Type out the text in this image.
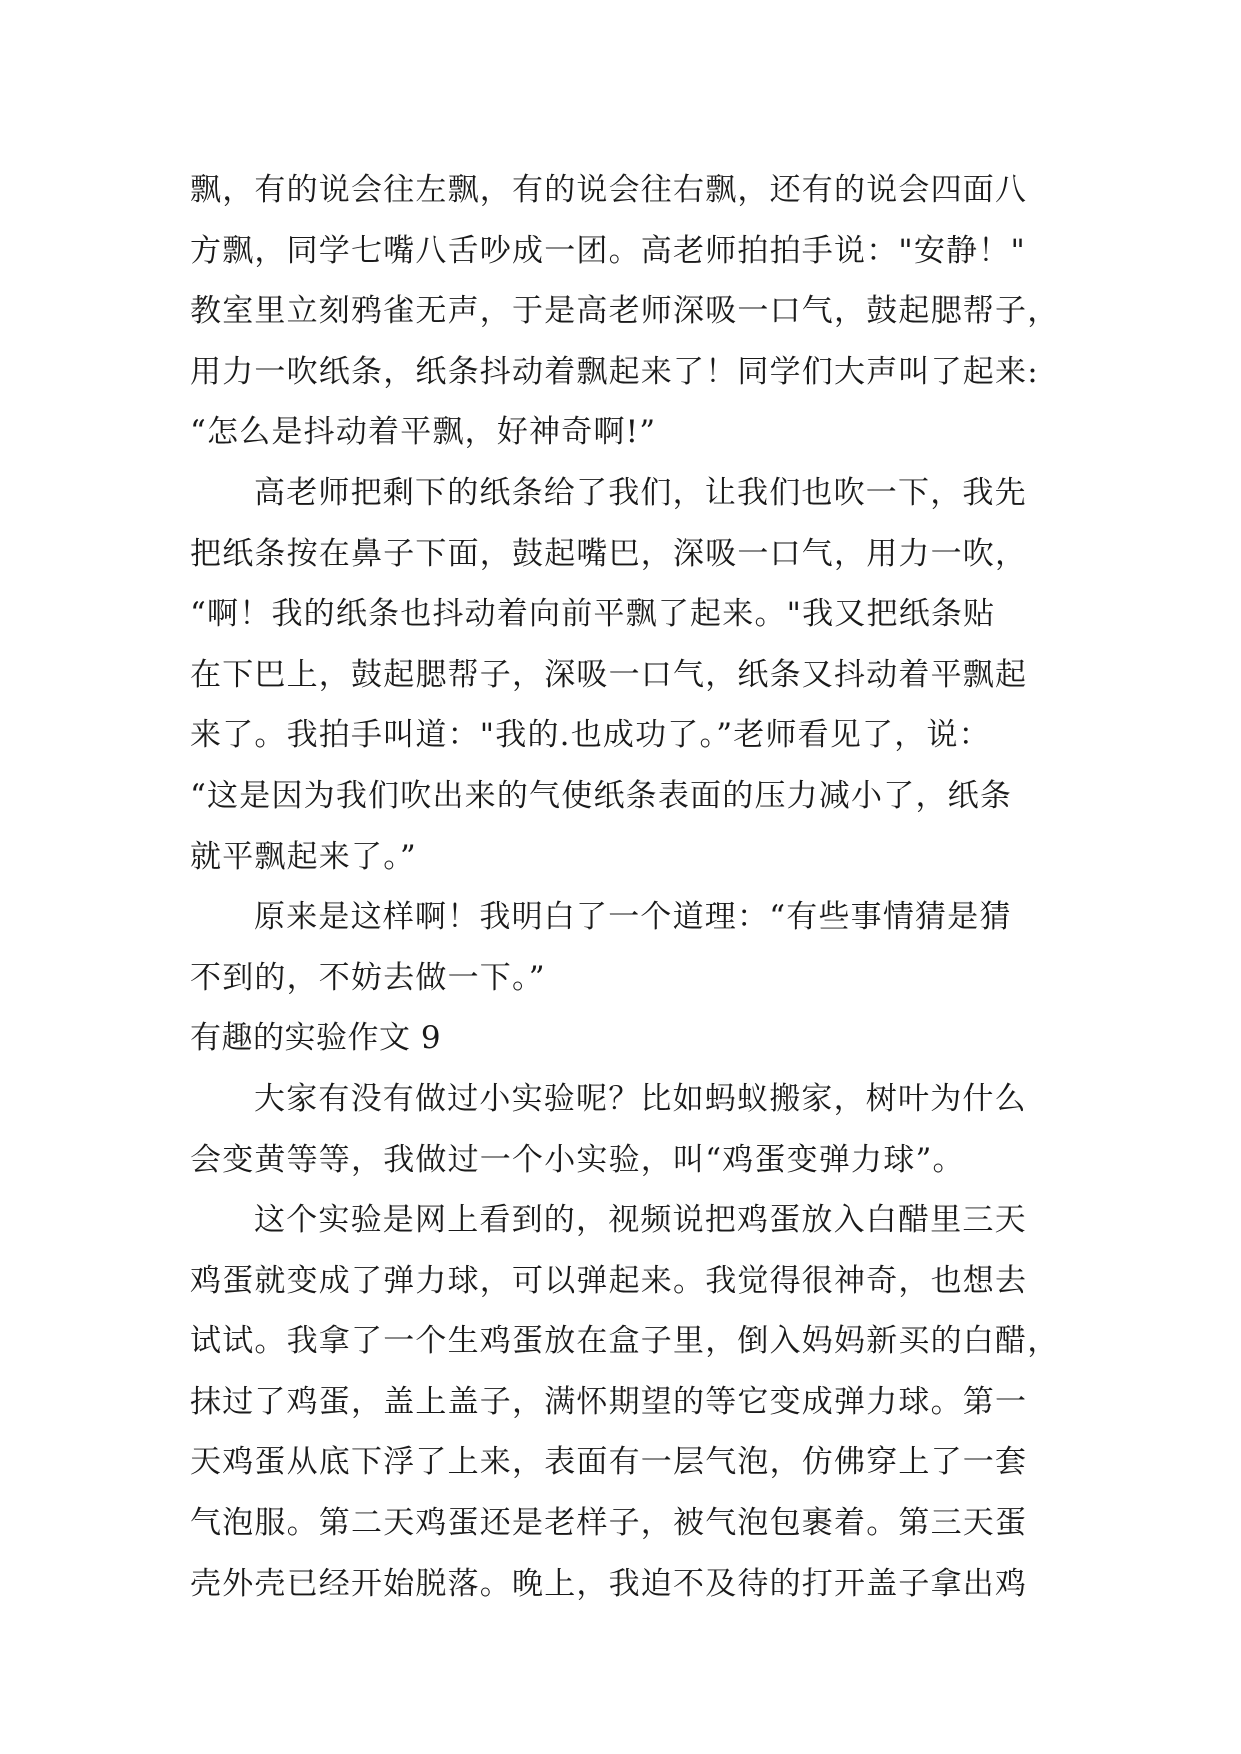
飘，有的说会往左飘，有的说会往右飘，还有的说会四面八
方飘，同学七嘴八舌吵成一团。高老师拍拍手说："安静！"
教室里立刻鸦雀无声，于是高老师深吸一口气，鼓起腮帮子，
用力一吹纸条，纸条抖动着飘起来了！同学们大声叫了起来:
“怎么是抖动着平飘，好神奇啊!”
高老师把剩下的纸条给了我们，让我们也吹一下，我先
把纸条按在鼻子下面，鼓起嘴巴，深吸一口气，用力一吹，
“啊！我的纸条也抖动着向前平飘了起来。"我又把纸条贴
在下巴上，鼓起腮帮子，深吸一口气，纸条又抖动着平飘起
来了。我拍手叫道："我的.也成功了。”老师看见了，说：
“这是因为我们吹出来的气使纸条表面的压力减小了，纸条
就平飘起来了。”
原来是这样啊！我明白了一个道理：“有些事情猜是猜
不到的，不妨去做一下。”
有趣的实验作文 9
大家有没有做过小实验呢？比如蚂蚁搬家，树叶为什么
会变黄等等，我做过一个小实验，叫“鸡蛋变弹力球”。
这个实验是网上看到的，视频说把鸡蛋放入白醋里三天
鸡蛋就变成了弹力球，可以弹起来。我觉得很神奇，也想去
试试。我拿了一个生鸡蛋放在盒子里，倒入妈妈新买的白醋，
抹过了鸡蛋，盖上盖子，满怀期望的等它变成弹力球。第一
天鸡蛋从底下浮了上来，表面有一层气泡，仿佛穿上了一套
气泡服。第二天鸡蛋还是老样子，被气泡包裹着。第三天蛋
壳外壳已经开始脱落。晚上，我迫不及待的打开盖子拿出鸡
